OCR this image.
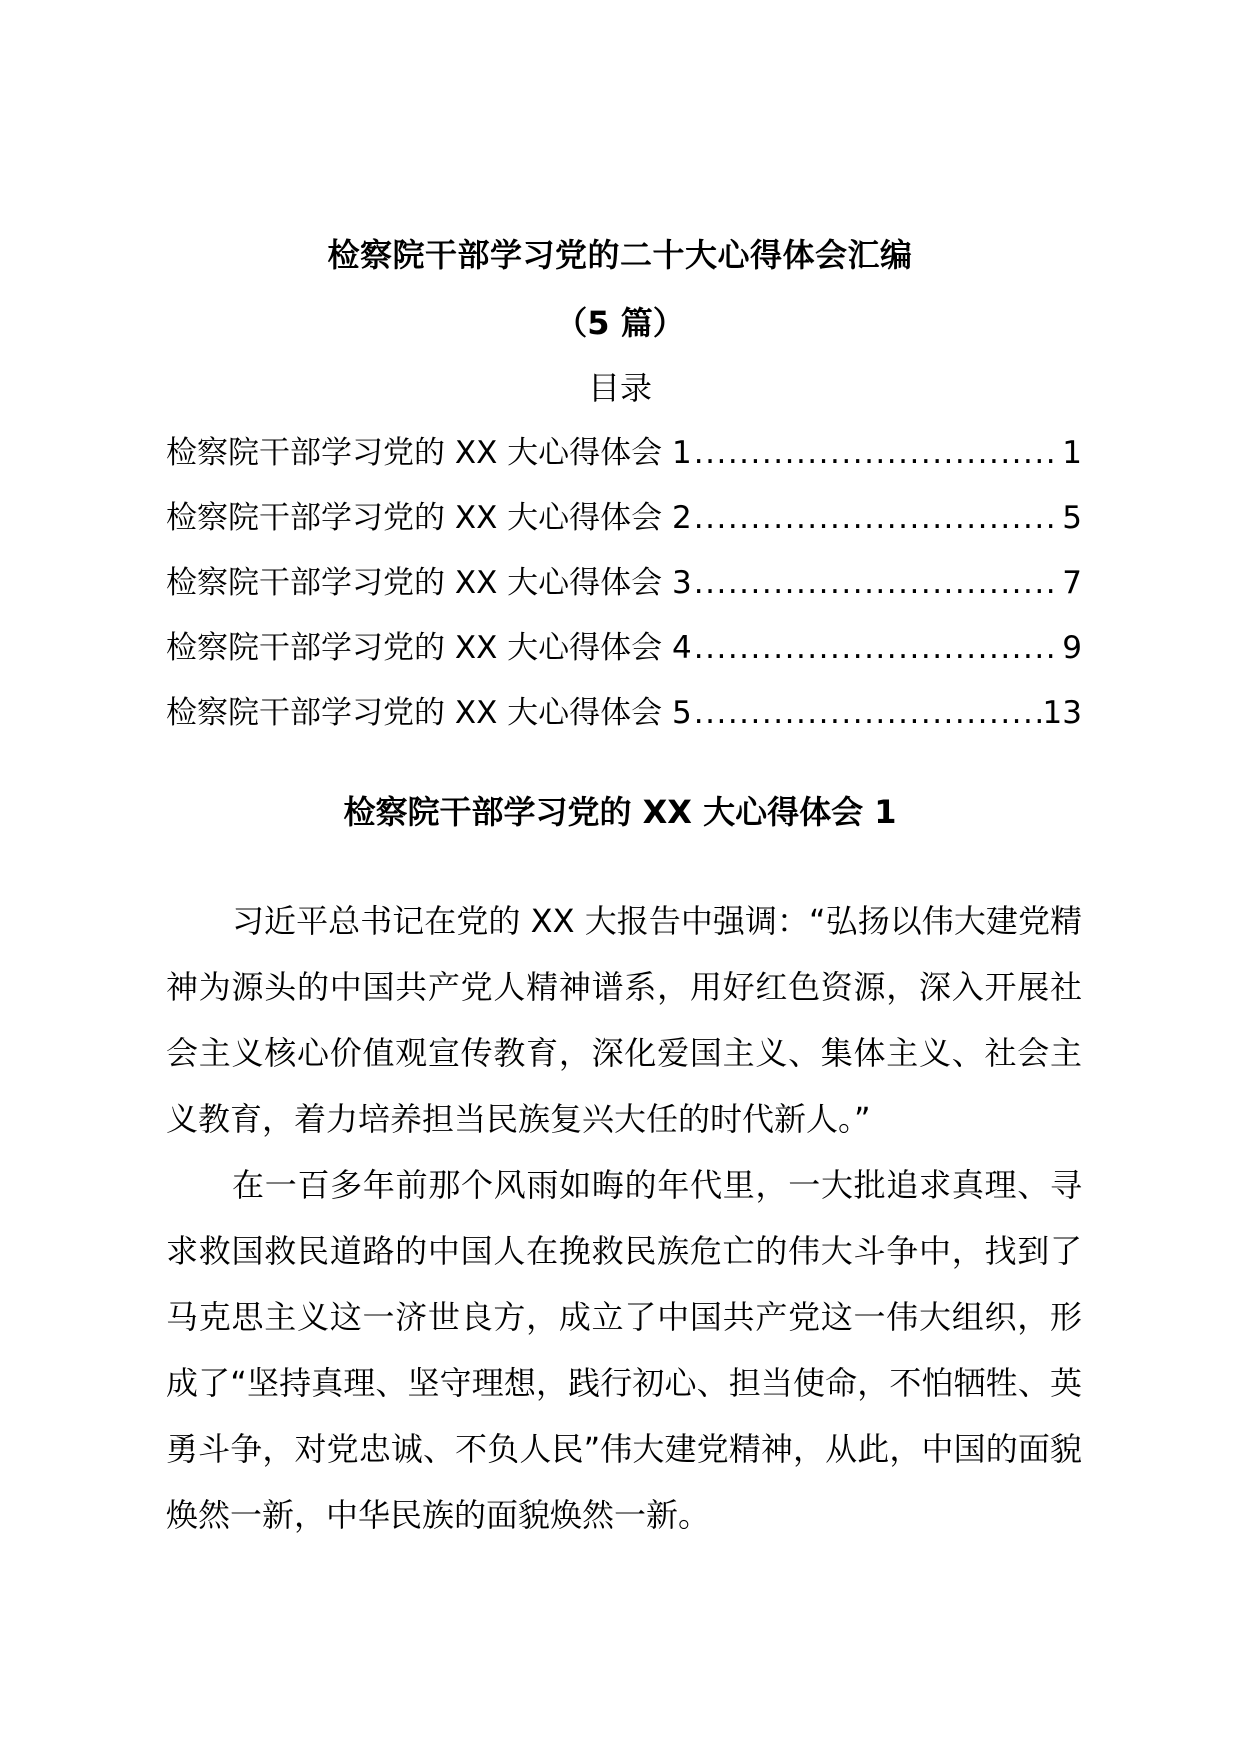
检察院干部学习党的二十大心得体会汇编
（5 篇）
目录
检察院干部学习党的 XX 大心得体会 1 .....	1
检察院干部学习党的 XX 大心得体会 2 .....	5
检察院干部学习党的 XX 大心得体会 3 .....	7
检察院干部学习党的 XX 大心得体会 4 .....	9
检察院干部学习党的 XX 大心得体会 5 .....	13
检察院干部学习党的 XX 大心得体会 1

习近平总书记在党的 XX 大报告中强调：“弘扬以伟大建党精神为源头的中国共产党人精神谱系，用好红色资源，深入开展社会主义核心价值观宣传教育，深化爱国主义、集体主义、社会主义教育，着力培养担当民族复兴大任的时代新人。”

在一百多年前那个风雨如晦的年代里，一大批追求真理、寻求救国救民道路的中国人在挽救民族危亡的伟大斗争中，找到了马克思主义这一济世良方，成立了中国共产党这一伟大组织，形成了“坚持真理、坚守理想，践行初心、担当使命，不怕牺牲、英勇斗争，对党忠诚、不负人民”伟大建党精神，从此，中国的面貌焕然一新，中华民族的面貌焕然一新。
